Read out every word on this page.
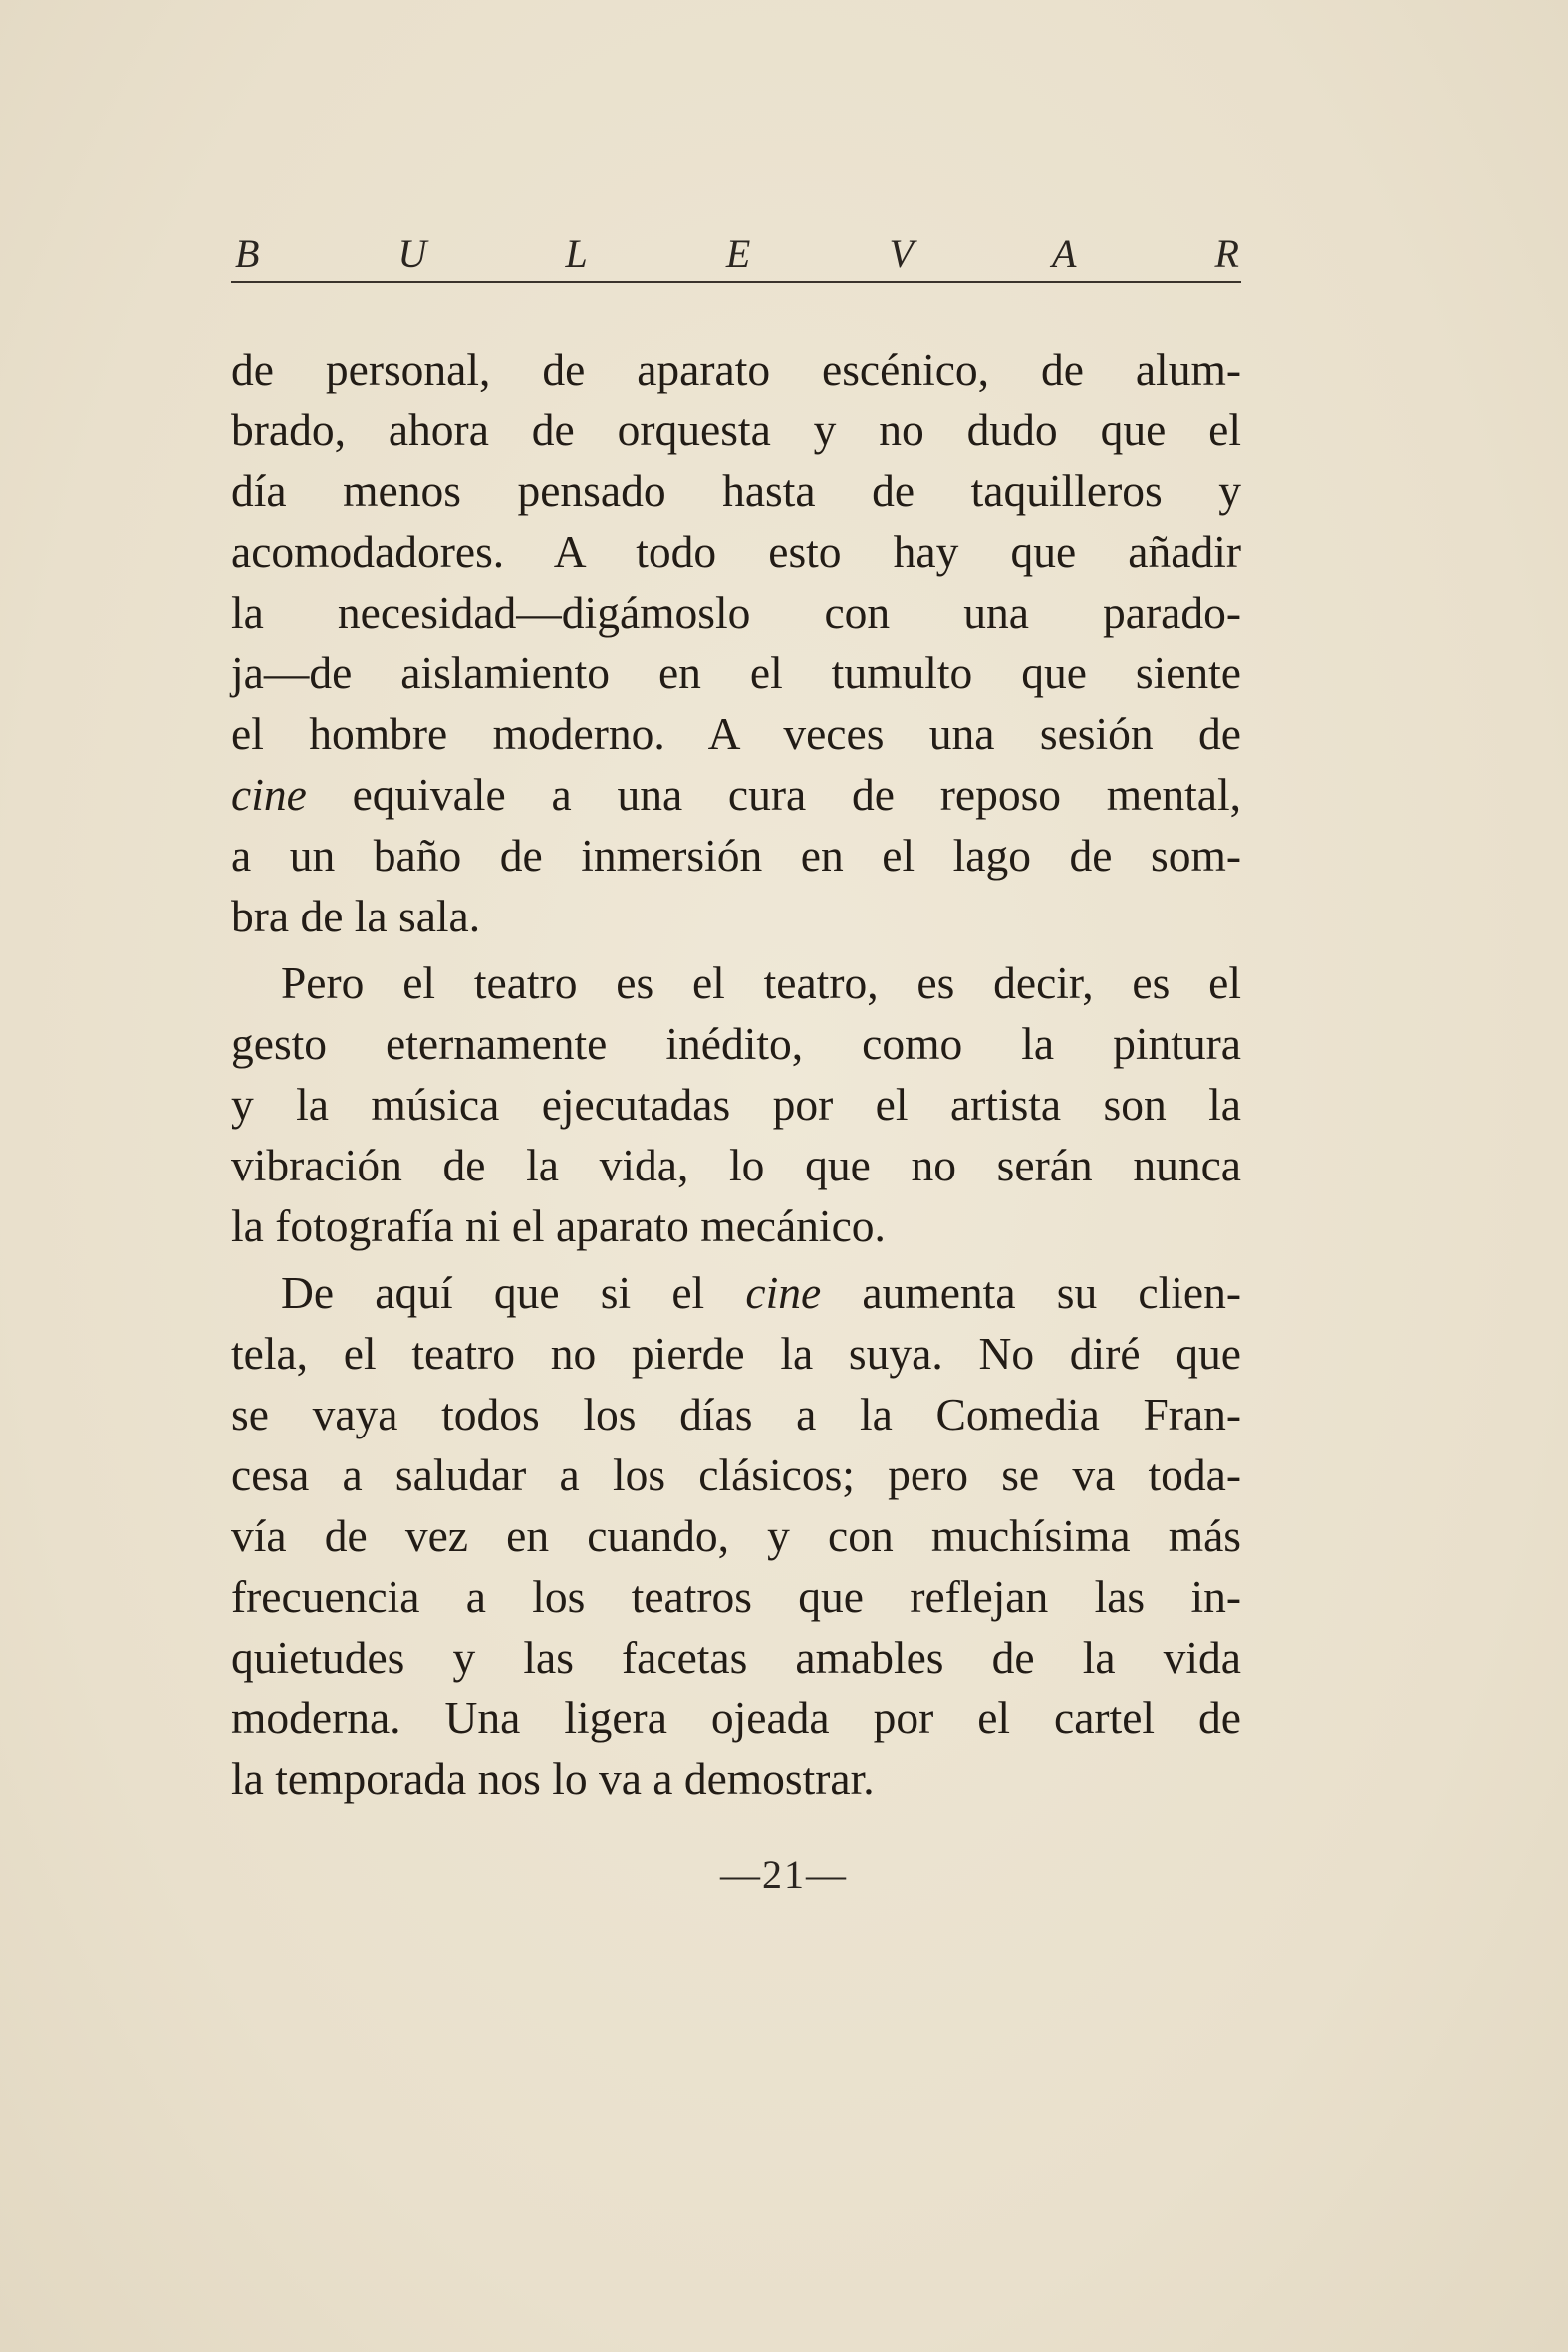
B	U	L	E	V	A	R
de personal, de aparato escénico, de alum-
brado, ahora de orquesta y no dudo que el
día menos pensado hasta de taquilleros y
acomodadores. A todo esto hay que añadir
la necesidad—digámoslo con una parado-
ja—de aislamiento en el tumulto que siente
el hombre moderno. A veces una sesión de
cine equivale a una cura de reposo mental,
a un baño de inmersión en el lago de som-
bra de la sala.
Pero el teatro es el teatro, es decir, es el
gesto eternamente inédito, como la pintura
y la música ejecutadas por el artista son la
vibración de la vida, lo que no serán nunca
la fotografía ni el aparato mecánico.
De aquí que si el cine aumenta su clien-
tela, el teatro no pierde la suya. No diré que
se vaya todos los días a la Comedia Fran-
cesa a saludar a los clásicos; pero se va toda-
vía de vez en cuando, y con muchísima más
frecuencia a los teatros que reflejan las in-
quietudes y las facetas amables de la vida
moderna. Una ligera ojeada por el cartel de
la temporada nos lo va a demostrar.
—21—
